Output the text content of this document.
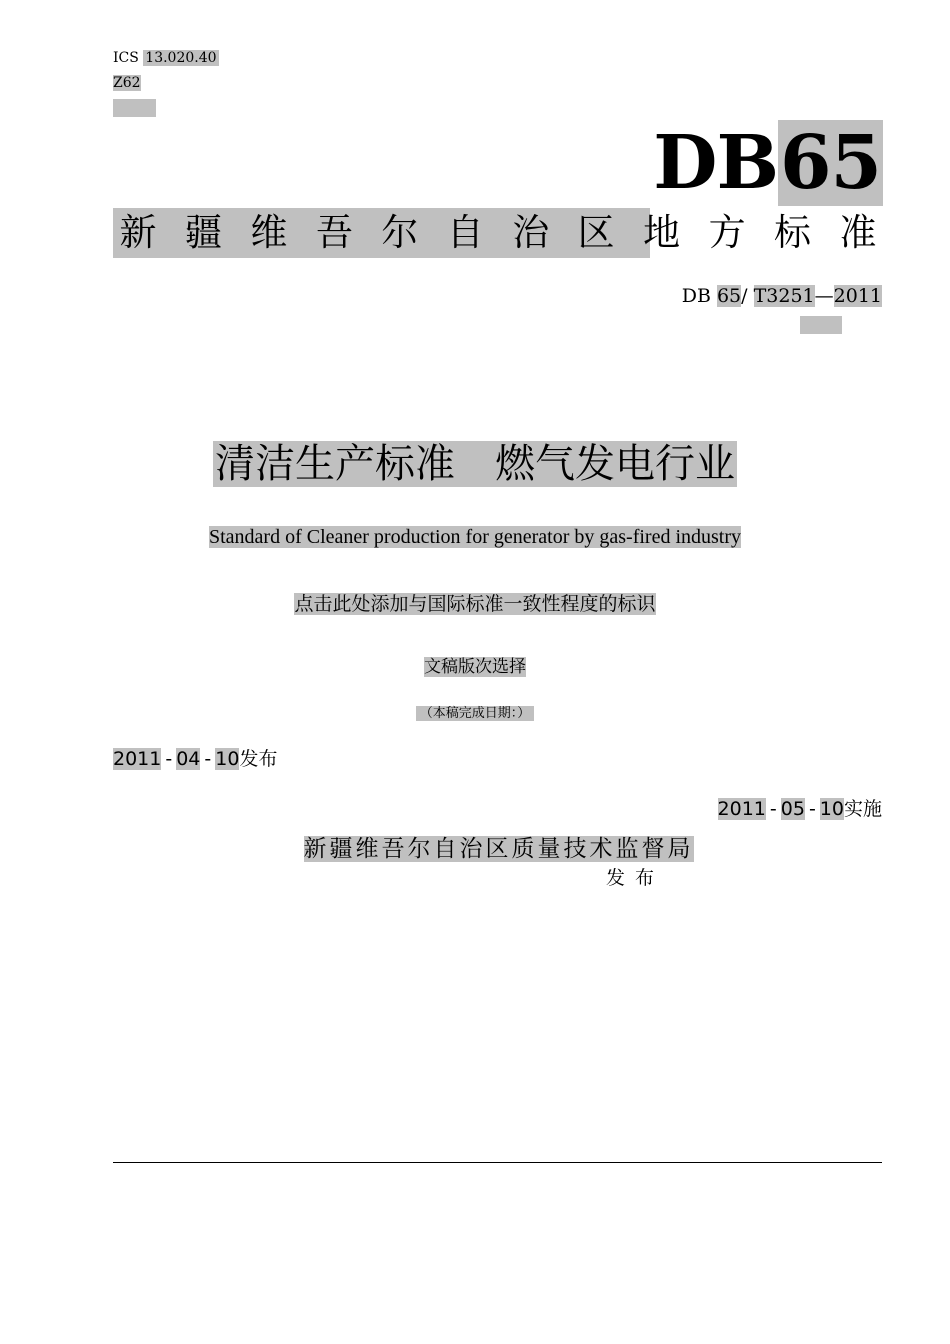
ICS 13.020.40
Z62
DB65
新 疆 维 吾 尔 自 治 区 地 方 标 准
DB 65/ T3251—2011
清洁生产标准　燃气发电行业
Standard of Cleaner production for generator by gas-fired industry
点击此处添加与国际标准一致性程度的标识
文稿版次选择
（本稿完成日期：）
2011 - 04 - 10发布
2011 - 05 - 10实施
新疆维吾尔自治区质量技术监督局
发布
